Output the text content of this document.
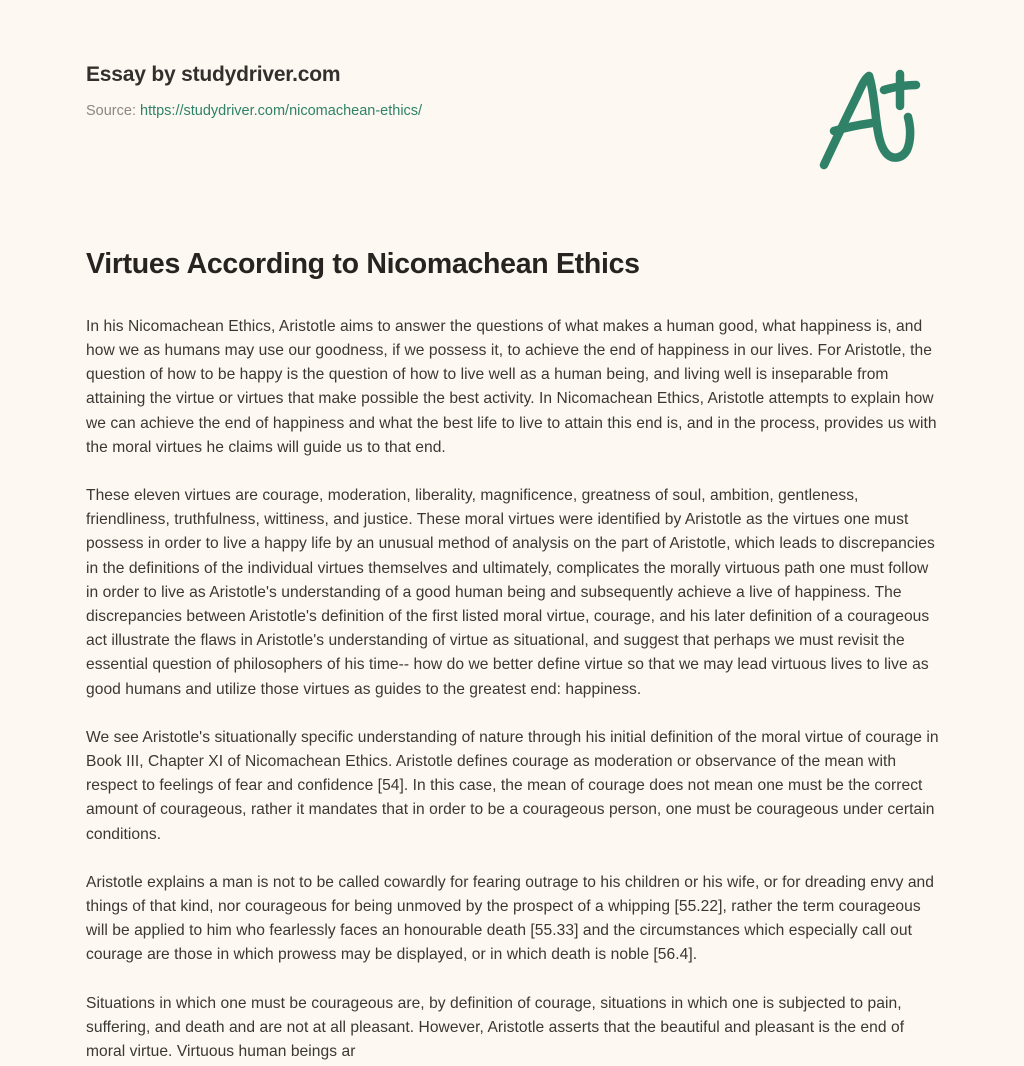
Essay by studydriver.com
Source: https://studydriver.com/nicomachean-ethics/
Virtues According to Nicomachean Ethics

In his Nicomachean Ethics, Aristotle aims to answer the questions of what makes a human good, what happiness is, and how we as humans may use our goodness, if we possess it, to achieve the end of happiness in our lives. For Aristotle, the question of how to be happy is the question of how to live well as a human being, and living well is inseparable from attaining the virtue or virtues that make possible the best activity. In Nicomachean Ethics, Aristotle attempts to explain how we can achieve the end of happiness and what the best life to live to attain this end is, and in the process, provides us with the moral virtues he claims will guide us to that end.

These eleven virtues are courage, moderation, liberality, magnificence, greatness of soul, ambition, gentleness, friendliness, truthfulness, wittiness, and justice. These moral virtues were identified by Aristotle as the virtues one must possess in order to live a happy life by an unusual method of analysis on the part of Aristotle, which leads to discrepancies in the definitions of the individual virtues themselves and ultimately, complicates the morally virtuous path one must follow in order to live as Aristotle's understanding of a good human being and subsequently achieve a live of happiness. The discrepancies between Aristotle's definition of the first listed moral virtue, courage, and his later definition of a courageous act illustrate the flaws in Aristotle's understanding of virtue as situational, and suggest that perhaps we must revisit the essential question of philosophers of his time-- how do we better define virtue so that we may lead virtuous lives to live as good humans and utilize those virtues as guides to the greatest end: happiness.

We see Aristotle's situationally specific understanding of nature through his initial definition of the moral virtue of courage in Book III, Chapter XI of Nicomachean Ethics. Aristotle defines courage as moderation or observance of the mean with respect to feelings of fear and confidence [54]. In this case, the mean of courage does not mean one must be the correct amount of courageous, rather it mandates that in order to be a courageous person, one must be courageous under certain conditions.

Aristotle explains a man is not to be called cowardly for fearing outrage to his children or his wife, or for dreading envy and things of that kind, nor courageous for being unmoved by the prospect of a whipping [55.22], rather the term courageous will be applied to him who fearlessly faces an honourable death [55.33] and the circumstances which especially call out courage are those in which prowess may be displayed, or in which death is noble [56.4].

Situations in which one must be courageous are, by definition of courage, situations in which one is subjected to pain, suffering, and death and are not at all pleasant. However, Aristotle asserts that the beautiful and pleasant is the end of moral virtue. Virtuous human beings ar
